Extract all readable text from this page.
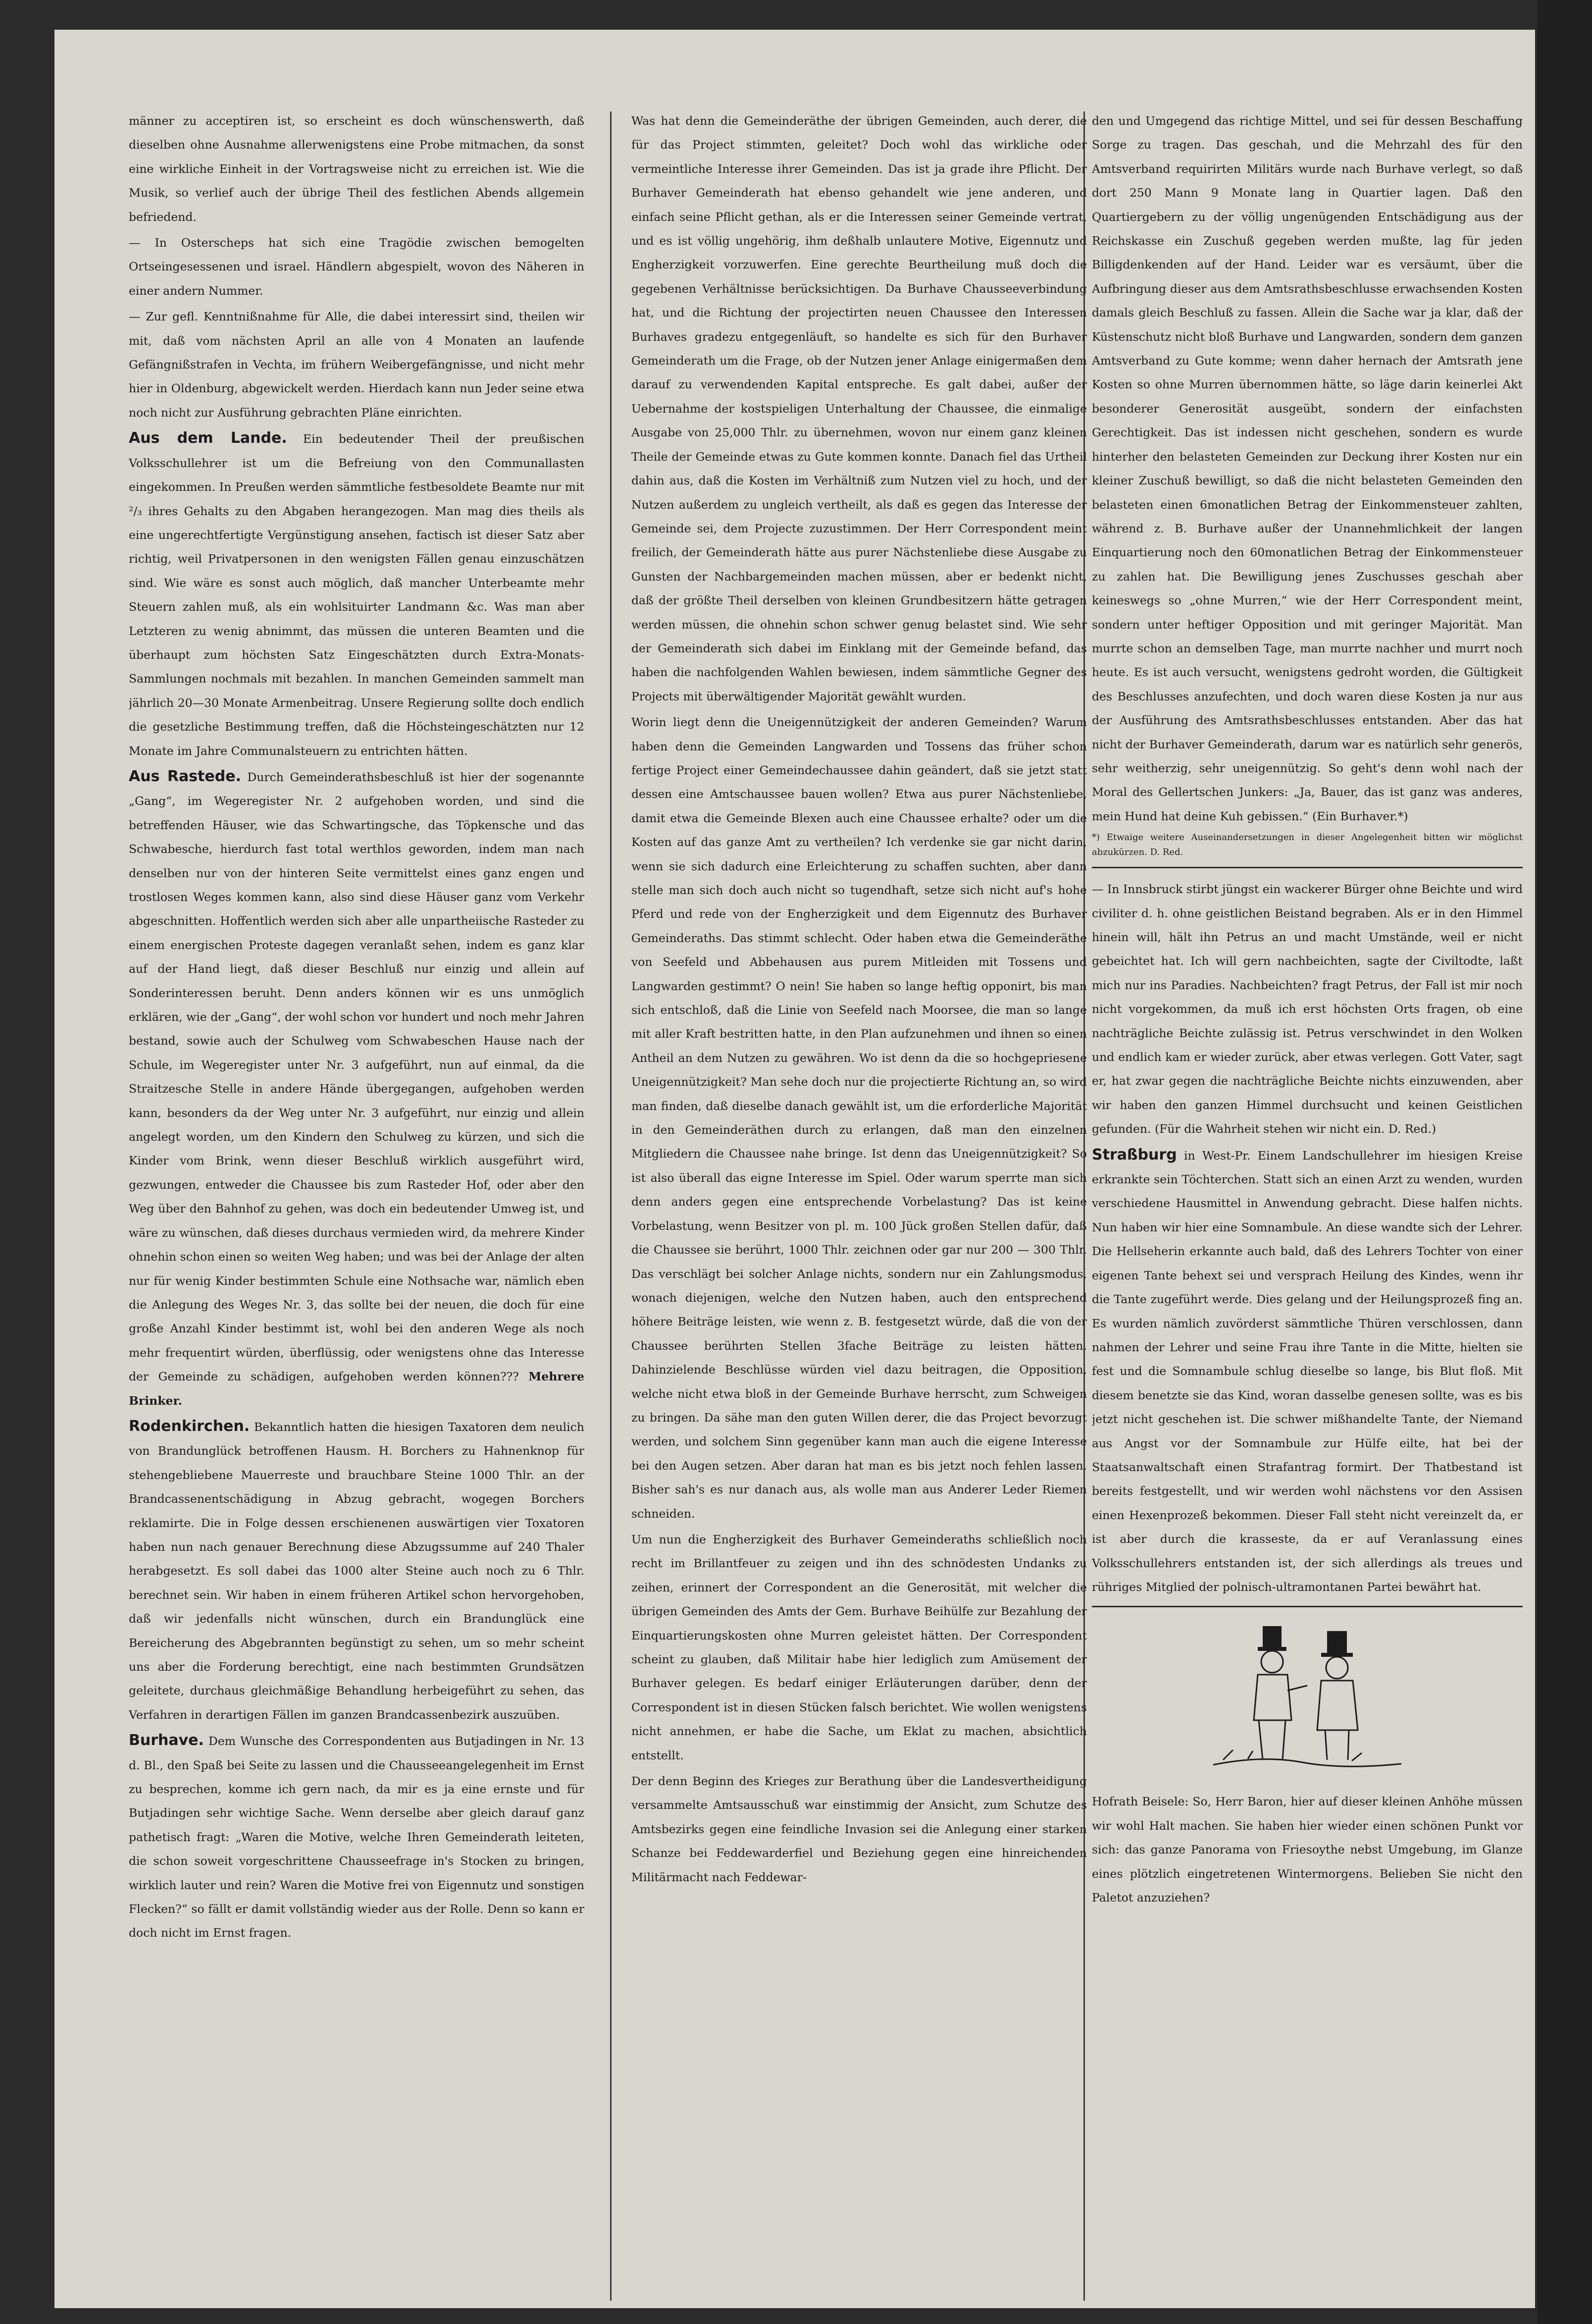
männer zu acceptiren ist, so erscheint es doch wünschenswerth, daß dieselben ohne Ausnahme allerwenigstens eine Probe mitmachen, da sonst eine wirkliche Einheit in der Vortragsweise nicht zu erreichen ist. Wie die Musik, so verlief auch der übrige Theil des festlichen Abends allgemein befriedend.

— In Osterscheps hat sich eine Tragödie zwischen bemogelten Ortseingesessenen und israel. Händlern abgespielt, wovon des Näheren in einer andern Nummer.

— Zur gefl. Kenntnißnahme für Alle, die dabei interessirt sind, theilen wir mit, daß vom nächsten April an alle von 4 Monaten an laufende Gefängnißstrafen in Vechta, im frühern Weibergefängnisse, und nicht mehr hier in Oldenburg, abgewickelt werden. Hierdach kann nun Jeder seine etwa noch nicht zur Ausführung gebrachten Pläne einrichten.

Aus dem Lande. Ein bedeutender Theil der preußischen Volksschullehrer ist um die Befreiung von den Communallasten eingekommen. In Preußen werden sämmtliche festbesoldete Beamte nur mit ²/₃ ihres Gehalts zu den Abgaben herangezogen. Man mag dies theils als eine ungerechtfertigte Vergünstigung ansehen, factisch ist dieser Satz aber richtig, weil Privatpersonen in den wenigsten Fällen genau einzuschätzen sind. Wie wäre es sonst auch möglich, daß mancher Unterbeamte mehr Steuern zahlen muß, als ein wohlsituirter Landmann &c. Was man aber Letzteren zu wenig abnimmt, das müssen die unteren Beamten und die überhaupt zum höchsten Satz Eingeschätzten durch Extra-Monats-Sammlungen nochmals mit bezahlen. In manchen Gemeinden sammelt man jährlich 20—30 Monate Armenbeitrag. Unsere Regierung sollte doch endlich die gesetzliche Bestimmung treffen, daß die Höchsteingeschätzten nur 12 Monate im Jahre Communalsteuern zu entrichten hätten.

Aus Rastede. Durch Gemeinderathsbeschluß ist hier der sogenannte „Gang“, im Wegeregister Nr. 2 aufgehoben worden, und sind die betreffenden Häuser, wie das Schwartingsche, das Töpkensche und das Schwabesche, hierdurch fast total werthlos geworden, indem man nach denselben nur von der hinteren Seite vermittelst eines ganz engen und trostlosen Weges kommen kann, also sind diese Häuser ganz vom Verkehr abgeschnitten. Hoffentlich werden sich aber alle unpartheiische Rasteder zu einem energischen Proteste dagegen veranlaßt sehen, indem es ganz klar auf der Hand liegt, daß dieser Beschluß nur einzig und allein auf Sonderinteressen beruht. Denn anders können wir es uns unmöglich erklären, wie der „Gang“, der wohl schon vor hundert und noch mehr Jahren bestand, sowie auch der Schulweg vom Schwabeschen Hause nach der Schule, im Wegeregister unter Nr. 3 aufgeführt, nun auf einmal, da die Straitzesche Stelle in andere Hände übergegangen, aufgehoben werden kann, besonders da der Weg unter Nr. 3 aufgeführt, nur einzig und allein angelegt worden, um den Kindern den Schulweg zu kürzen, und sich die Kinder vom Brink, wenn dieser Beschluß wirklich ausgeführt wird, gezwungen, entweder die Chaussee bis zum Rasteder Hof, oder aber den Weg über den Bahnhof zu gehen, was doch ein bedeutender Umweg ist, und wäre zu wünschen, daß dieses durchaus vermieden wird, da mehrere Kinder ohnehin schon einen so weiten Weg haben; und was bei der Anlage der alten nur für wenig Kinder bestimmten Schule eine Nothsache war, nämlich eben die Anlegung des Weges Nr. 3, das sollte bei der neuen, die doch für eine große Anzahl Kinder bestimmt ist, wohl bei den anderen Wege als noch mehr frequentirt würden, überflüssig, oder wenigstens ohne das Interesse der Gemeinde zu schädigen, aufgehoben werden können??? Mehrere Brinker.

Rodenkirchen. Bekanntlich hatten die hiesigen Taxatoren dem neulich von Brandunglück betroffenen Hausm. H. Borchers zu Hahnenknop für stehengebliebene Mauerreste und brauchbare Steine 1000 Thlr. an der Brandcassenentschädigung in Abzug gebracht, wogegen Borchers reklamirte. Die in Folge dessen erschienenen auswärtigen vier Toxatoren haben nun nach genauer Berechnung diese Abzugssumme auf 240 Thaler herabgesetzt. Es soll dabei das 1000 alter Steine auch noch zu 6 Thlr. berechnet sein. Wir haben in einem früheren Artikel schon hervorgehoben, daß wir jedenfalls nicht wünschen, durch ein Brandunglück eine Bereicherung des Abgebrannten begünstigt zu sehen, um so mehr scheint uns aber die Forderung berechtigt, eine nach bestimmten Grundsätzen geleitete, durchaus gleichmäßige Behandlung herbeigeführt zu sehen, das Verfahren in derartigen Fällen im ganzen Brandcassenbezirk auszuüben.

Burhave. Dem Wunsche des Correspondenten aus Butjadingen in Nr. 13 d. Bl., den Spaß bei Seite zu lassen und die Chausseeangelegenheit im Ernst zu besprechen, komme ich gern nach, da mir es ja eine ernste und für Butjadingen sehr wichtige Sache. Wenn derselbe aber gleich darauf ganz pathetisch fragt: „Waren die Motive, welche Ihren Gemeinderath leiteten, die schon soweit vorgeschrittene Chausseefrage in's Stocken zu bringen, wirklich lauter und rein? Waren die Motive frei von Eigennutz und sonstigen Flecken?“ so fällt er damit vollständig wieder aus der Rolle. Denn so kann er doch nicht im Ernst fragen.

Was hat denn die Gemeinderäthe der übrigen Gemeinden, auch derer, die für das Project stimmten, geleitet? Doch wohl das wirkliche oder vermeintliche Interesse ihrer Gemeinden. Das ist ja grade ihre Pflicht. Der Burhaver Gemeinderath hat ebenso gehandelt wie jene anderen, und einfach seine Pflicht gethan, als er die Interessen seiner Gemeinde vertrat, und es ist völlig ungehörig, ihm deßhalb unlautere Motive, Eigennutz und Engherzigkeit vorzuwerfen. Eine gerechte Beurtheilung muß doch die gegebenen Verhältnisse berücksichtigen. Da Burhave Chausseeverbindung hat, und die Richtung der projectirten neuen Chaussee den Interessen Burhaves gradezu entgegenläuft, so handelte es sich für den Burhaver Gemeinderath um die Frage, ob der Nutzen jener Anlage einigermaßen dem darauf zu verwendenden Kapital entspreche. Es galt dabei, außer der Uebernahme der kostspieligen Unterhaltung der Chaussee, die einmalige Ausgabe von 25,000 Thlr. zu übernehmen, wovon nur einem ganz kleinen Theile der Gemeinde etwas zu Gute kommen konnte. Danach fiel das Urtheil dahin aus, daß die Kosten im Verhältniß zum Nutzen viel zu hoch, und der Nutzen außerdem zu ungleich vertheilt, als daß es gegen das Interesse der Gemeinde sei, dem Projecte zuzustimmen. Der Herr Correspondent meint freilich, der Gemeinderath hätte aus purer Nächstenliebe diese Ausgabe zu Gunsten der Nachbargemeinden machen müssen, aber er bedenkt nicht, daß der größte Theil derselben von kleinen Grundbesitzern hätte getragen werden müssen, die ohnehin schon schwer genug belastet sind. Wie sehr der Gemeinderath sich dabei im Einklang mit der Gemeinde befand, das haben die nachfolgenden Wahlen bewiesen, indem sämmtliche Gegner des Projects mit überwältigender Majorität gewählt wurden.

Worin liegt denn die Uneigennützigkeit der anderen Gemeinden? Warum haben denn die Gemeinden Langwarden und Tossens das früher schon fertige Project einer Gemeindechaussee dahin geändert, daß sie jetzt statt dessen eine Amtschaussee bauen wollen? Etwa aus purer Nächstenliebe, damit etwa die Gemeinde Blexen auch eine Chaussee erhalte? oder um die Kosten auf das ganze Amt zu vertheilen? Ich verdenke sie gar nicht darin, wenn sie sich dadurch eine Erleichterung zu schaffen suchten, aber dann stelle man sich doch auch nicht so tugendhaft, setze sich nicht auf's hohe Pferd und rede von der Engherzigkeit und dem Eigennutz des Burhaver Gemeinderaths. Das stimmt schlecht. Oder haben etwa die Gemeinderäthe von Seefeld und Abbehausen aus purem Mitleiden mit Tossens und Langwarden gestimmt? O nein! Sie haben so lange heftig opponirt, bis man sich entschloß, daß die Linie von Seefeld nach Moorsee, die man so lange mit aller Kraft bestritten hatte, in den Plan aufzunehmen und ihnen so einen Antheil an dem Nutzen zu gewähren. Wo ist denn da die so hochgepriesene Uneigennützigkeit? Man sehe doch nur die projectierte Richtung an, so wird man finden, daß dieselbe danach gewählt ist, um die erforderliche Majorität in den Gemeinderäthen durch zu erlangen, daß man den einzelnen Mitgliedern die Chaussee nahe bringe. Ist denn das Uneigennützigkeit? So ist also überall das eigne Interesse im Spiel. Oder warum sperrte man sich denn anders gegen eine entsprechende Vorbelastung? Das ist keine Vorbelastung, wenn Besitzer von pl. m. 100 Jück großen Stellen dafür, daß die Chaussee sie berührt, 1000 Thlr. zeichnen oder gar nur 200 — 300 Thlr. Das verschlägt bei solcher Anlage nichts, sondern nur ein Zahlungsmodus, wonach diejenigen, welche den Nutzen haben, auch den entsprechend höhere Beiträge leisten, wie wenn z. B. festgesetzt würde, daß die von der Chaussee berührten Stellen 3fache Beiträge zu leisten hätten. Dahinzielende Beschlüsse würden viel dazu beitragen, die Opposition, welche nicht etwa bloß in der Gemeinde Burhave herrscht, zum Schweigen zu bringen. Da sähe man den guten Willen derer, die das Project bevorzugt werden, und solchem Sinn gegenüber kann man auch die eigene Interesse bei den Augen setzen. Aber daran hat man es bis jetzt noch fehlen lassen. Bisher sah's es nur danach aus, als wolle man aus Anderer Leder Riemen schneiden.

Um nun die Engherzigkeit des Burhaver Gemeinderaths schließlich noch recht im Brillantfeuer zu zeigen und ihn des schnödesten Undanks zu zeihen, erinnert der Correspondent an die Generosität, mit welcher die übrigen Gemeinden des Amts der Gem. Burhave Beihülfe zur Bezahlung der Einquartierungskosten ohne Murren geleistet hätten. Der Correspondent scheint zu glauben, daß Militair habe hier lediglich zum Amüsement der Burhaver gelegen. Es bedarf einiger Erläuterungen darüber, denn der Correspondent ist in diesen Stücken falsch berichtet. Wie wollen wenigstens nicht annehmen, er habe die Sache, um Eklat zu machen, absichtlich entstellt.

Der denn Beginn des Krieges zur Berathung über die Landesvertheidigung versammelte Amtsausschuß war einstimmig der Ansicht, zum Schutze des Amtsbezirks gegen eine feindliche Invasion sei die Anlegung einer starken Schanze bei Feddewarderfiel und Beziehung gegen eine hinreichenden Militärmacht nach Feddewar-

den und Umgegend das richtige Mittel, und sei für dessen Beschaffung Sorge zu tragen. Das geschah, und die Mehrzahl des für den Amtsverband requirirten Militärs wurde nach Burhave verlegt, so daß dort 250 Mann 9 Monate lang in Quartier lagen. Daß den Quartiergebern zu der völlig ungenügenden Entschädigung aus der Reichskasse ein Zuschuß gegeben werden mußte, lag für jeden Billigdenkenden auf der Hand. Leider war es versäumt, über die Aufbringung dieser aus dem Amtsrathsbeschlusse erwachsenden Kosten damals gleich Beschluß zu fassen. Allein die Sache war ja klar, daß der Küstenschutz nicht bloß Burhave und Langwarden, sondern dem ganzen Amtsverband zu Gute komme; wenn daher hernach der Amtsrath jene Kosten so ohne Murren übernommen hätte, so läge darin keinerlei Akt besonderer Generosität ausgeübt, sondern der einfachsten Gerechtigkeit. Das ist indessen nicht geschehen, sondern es wurde hinterher den belasteten Gemeinden zur Deckung ihrer Kosten nur ein kleiner Zuschuß bewilligt, so daß die nicht belasteten Gemeinden den belasteten einen 6monatlichen Betrag der Einkommensteuer zahlten, während z. B. Burhave außer der Unannehmlichkeit der langen Einquartierung noch den 60monatlichen Betrag der Einkommensteuer zu zahlen hat. Die Bewilligung jenes Zuschusses geschah aber keineswegs so „ohne Murren,“ wie der Herr Correspondent meint, sondern unter heftiger Opposition und mit geringer Majorität. Man murrte schon an demselben Tage, man murrte nachher und murrt noch heute. Es ist auch versucht, wenigstens gedroht worden, die Gültigkeit des Beschlusses anzufechten, und doch waren diese Kosten ja nur aus der Ausführung des Amtsrathsbeschlusses entstanden. Aber das hat nicht der Burhaver Gemeinderath, darum war es natürlich sehr generös, sehr weitherzig, sehr uneigennützig. So geht's denn wohl nach der Moral des Gellertschen Junkers: „Ja, Bauer, das ist ganz was anderes, mein Hund hat deine Kuh gebissen.“ (Ein Burhaver.*)

*) Etwaige weitere Auseinandersetzungen in dieser Angelegenheit bitten wir möglichst abzukürzen. D. Red.

— In Innsbruck stirbt jüngst ein wackerer Bürger ohne Beichte und wird civiliter d. h. ohne geistlichen Beistand begraben. Als er in den Himmel hinein will, hält ihn Petrus an und macht Umstände, weil er nicht gebeichtet hat. Ich will gern nachbeichten, sagte der Civiltodte, laßt mich nur ins Paradies. Nachbeichten? fragt Petrus, der Fall ist mir noch nicht vorgekommen, da muß ich erst höchsten Orts fragen, ob eine nachträgliche Beichte zulässig ist. Petrus verschwindet in den Wolken und endlich kam er wieder zurück, aber etwas verlegen. Gott Vater, sagt er, hat zwar gegen die nachträgliche Beichte nichts einzuwenden, aber wir haben den ganzen Himmel durchsucht und keinen Geistlichen gefunden. (Für die Wahrheit stehen wir nicht ein. D. Red.)

Straßburg in West-Pr. Einem Landschullehrer im hiesigen Kreise erkrankte sein Töchterchen. Statt sich an einen Arzt zu wenden, wurden verschiedene Hausmittel in Anwendung gebracht. Diese halfen nichts. Nun haben wir hier eine Somnambule. An diese wandte sich der Lehrer. Die Hellseherin erkannte auch bald, daß des Lehrers Tochter von einer eigenen Tante behext sei und versprach Heilung des Kindes, wenn ihr die Tante zugeführt werde. Dies gelang und der Heilungsprozeß fing an. Es wurden nämlich zuvörderst sämmtliche Thüren verschlossen, dann nahmen der Lehrer und seine Frau ihre Tante in die Mitte, hielten sie fest und die Somnambule schlug dieselbe so lange, bis Blut floß. Mit diesem benetzte sie das Kind, woran dasselbe genesen sollte, was es bis jetzt nicht geschehen ist. Die schwer mißhandelte Tante, der Niemand aus Angst vor der Somnambule zur Hülfe eilte, hat bei der Staatsanwaltschaft einen Strafantrag formirt. Der Thatbestand ist bereits festgestellt, und wir werden wohl nächstens vor den Assisen einen Hexenprozeß bekommen. Dieser Fall steht nicht vereinzelt da, er ist aber durch die krasseste, da er auf Veranlassung eines Volksschullehrers entstanden ist, der sich allerdings als treues und rühriges Mitglied der polnisch-ultramontanen Partei bewährt hat.

Hofrath Beisele: So, Herr Baron, hier auf dieser kleinen Anhöhe müssen wir wohl Halt machen. Sie haben hier wieder einen schönen Punkt vor sich: das ganze Panorama von Friesoythe nebst Umgebung, im Glanze eines plötzlich eingetretenen Wintermorgens. Belieben Sie nicht den Paletot anzuziehen?
